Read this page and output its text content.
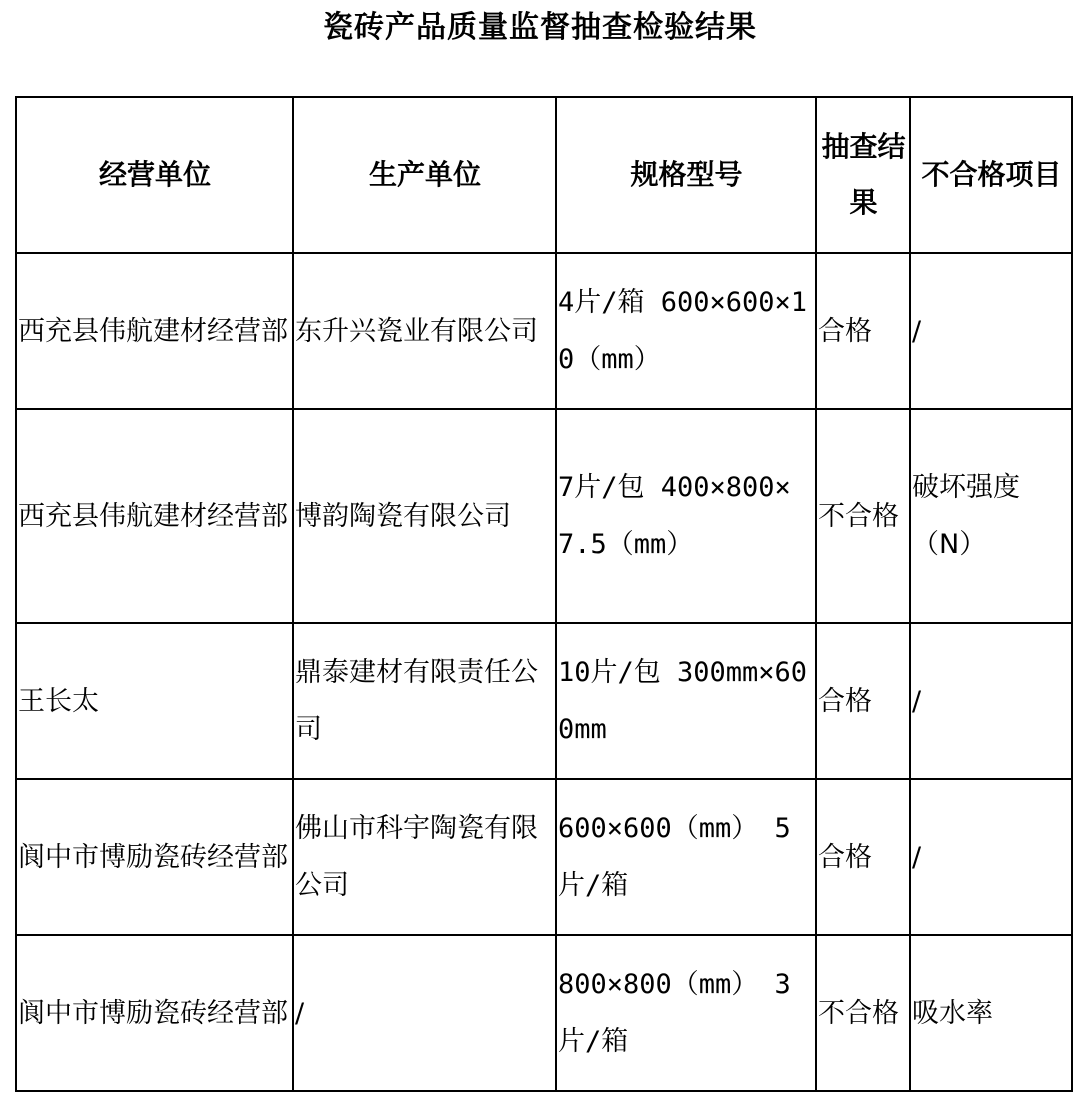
瓷砖产品质量监督抽查检验结果
经营单位	生产单位	规格型号	抽查结果	不合格项目

西充县伟航建材经营部	东升兴瓷业有限公司	4片/箱 600×600×10（mm）	合格	/

西充县伟航建材经营部	博韵陶瓷有限公司	7片/包 400×800×7.5（mm）	不合格	破坏强度（N）

王长太	鼎泰建材有限责任公司	10片/包 300mm×600mm	合格	/

阆中市博励瓷砖经营部	佛山市科宇陶瓷有限公司	600×600（mm） 5片/箱	合格	/

阆中市博励瓷砖经营部	/	800×800（mm） 3片/箱	不合格	吸水率
